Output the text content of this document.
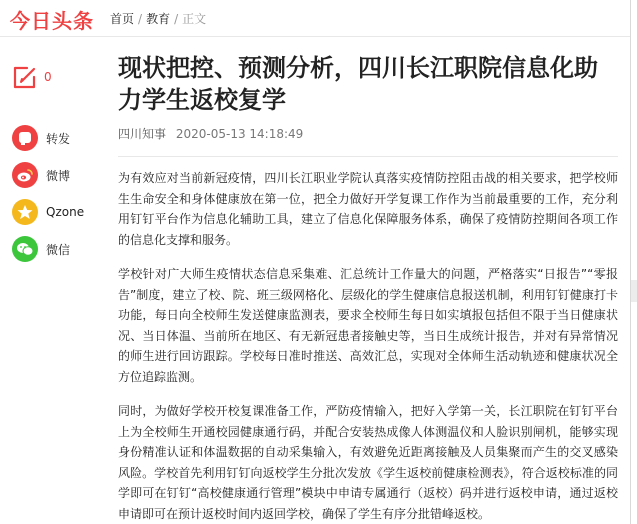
今日头条 首页 / 教育 / 正文
0
转发
微博
Qzone
微信
现状把控、预测分析，四川长江职院信息化助力学生返校复学
四川知事 2020-05-13 14:18:49

为有效应对当前新冠疫情，四川长江职业学院认真落实疫情防控阻击战的相关要求，把学校师生生命安全和身体健康放在第一位，把全力做好开学复课工作作为当前最重要的工作，充分利用钉钉平台作为信息化辅助工具，建立了信息化保障服务体系，确保了疫情防控期间各项工作的信息化支撑和服务。

学校针对广大师生疫情状态信息采集难、汇总统计工作量大的问题，严格落实“日报告”“零报告”制度，建立了校、院、班三级网格化、层级化的学生健康信息报送机制，利用钉钉健康打卡功能，每日向全校师生发送健康监测表，要求全校师生每日如实填报包括但不限于当日健康状况、当日体温、当前所在地区、有无新冠患者接触史等，当日生成统计报告，并对有异常情况的师生进行回访跟踪。学校每日准时推送、高效汇总，实现对全体师生活动轨迹和健康状况全方位追踪监测。

同时，为做好学校开校复课准备工作，严防疫情输入，把好入学第一关，长江职院在钉钉平台上为全校师生开通校园健康通行码，并配合安装热成像人体测温仪和人脸识别闸机，能够实现身份精准认证和体温数据的自动采集输入，有效避免近距离接触及人员集聚而产生的交叉感染风险。学校首先利用钉钉向返校学生分批次发放《学生返校前健康检测表》，符合返校标准的同学即可在钉钉“高校健康通行管理”模块中申请专属通行（返校）码并进行返校申请，通过返校申请即可在预计返校时间内返回学校，确保了学生有序分批错峰返校。
